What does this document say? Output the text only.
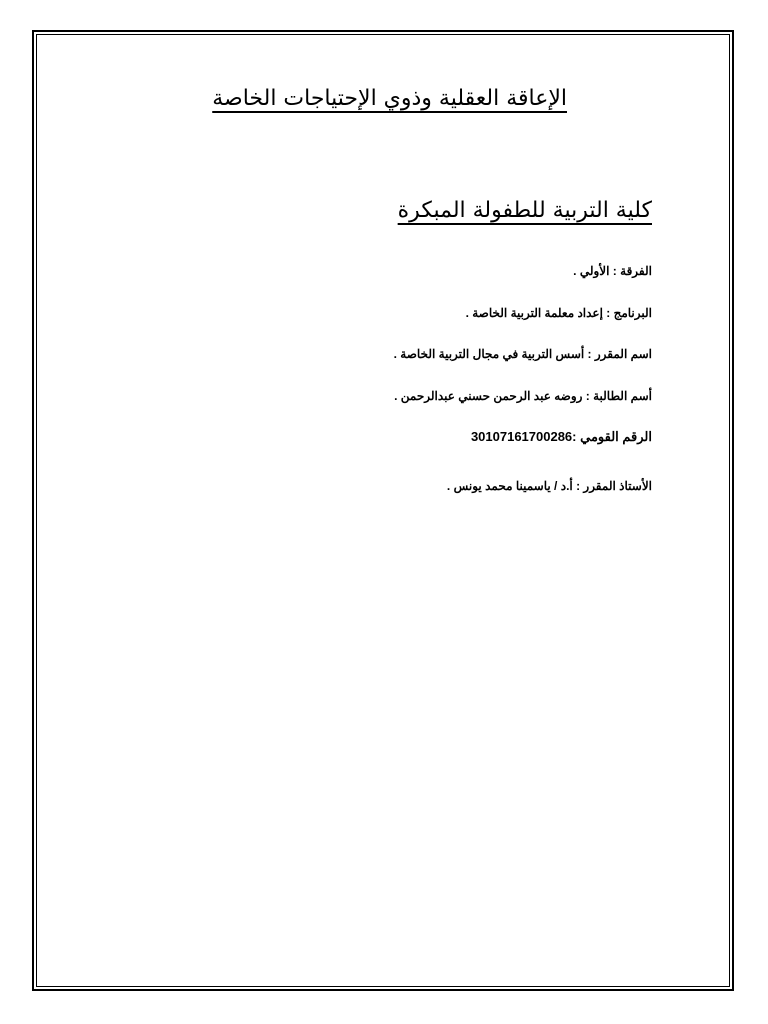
الإعاقة العقلية وذوي الإحتياجات الخاصة
كلية التربية للطفولة المبكرة
الفرقة : الأولي .
البرنامج : إعداد معلمة التربية الخاصة .
اسم المقرر : أسس التربية في مجال التربية الخاصة .
أسم الطالبة : روضه عبد الرحمن حسني عبدالرحمن .
الرقم القومي :30107161700286
الأستاذ المقرر : أ.د / ياسمينا محمد يونس .
